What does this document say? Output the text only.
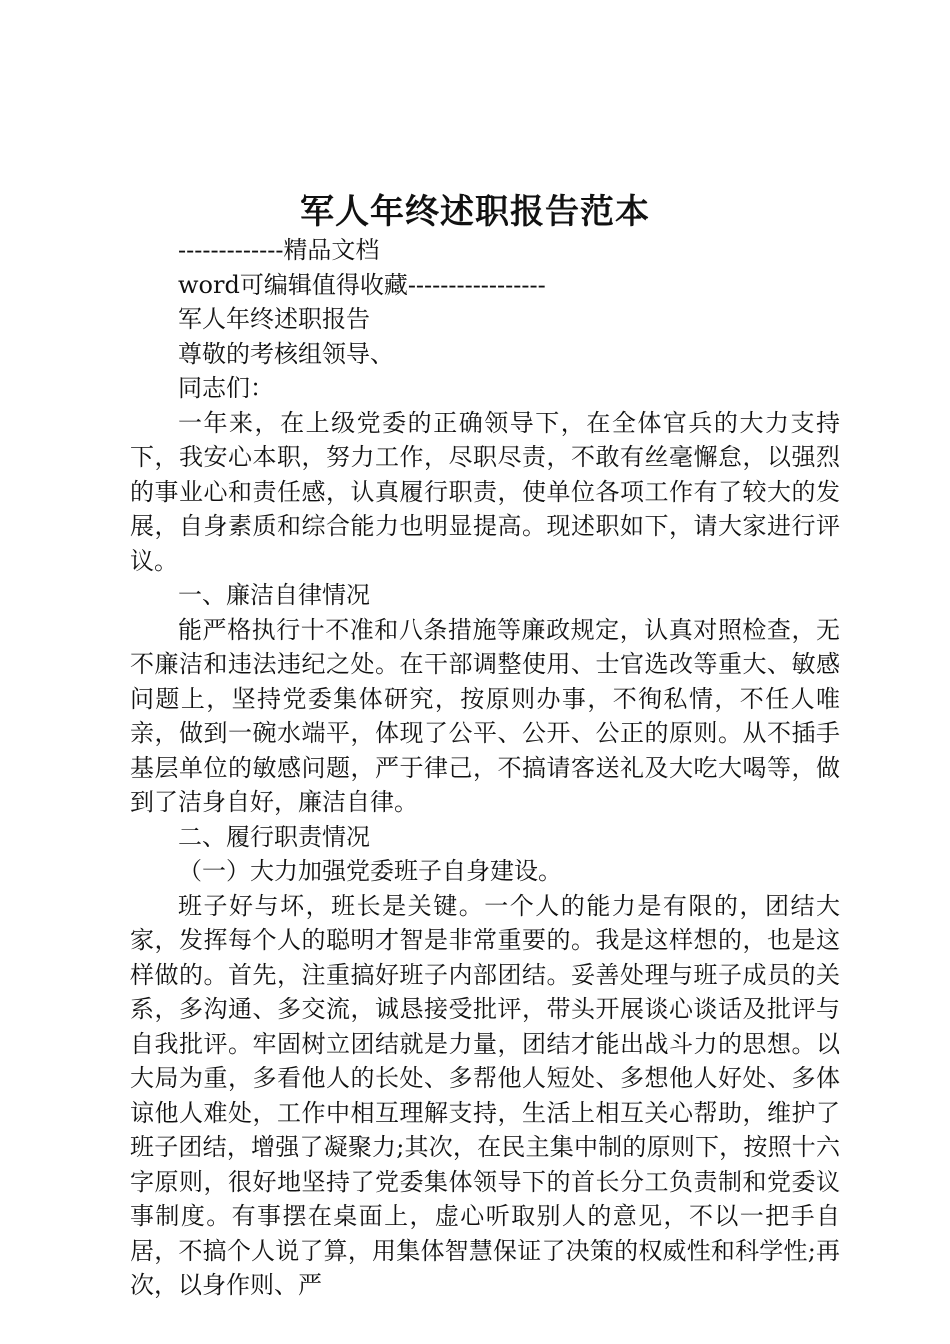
军人年终述职报告范本

-------------精品文档

word可编辑值得收藏-----------------

军人年终述职报告

尊敬的考核组领导、

同志们：

一年来，在上级党委的正确领导下，在全体官兵的大力支持下，我安心本职，努力工作，尽职尽责，不敢有丝毫懈怠，以强烈的事业心和责任感，认真履行职责，使单位各项工作有了较大的发展，自身素质和综合能力也明显提高。现述职如下，请大家进行评议。

一、廉洁自律情况

能严格执行十不准和八条措施等廉政规定，认真对照检查，无不廉洁和违法违纪之处。在干部调整使用、士官选改等重大、敏感问题上，坚持党委集体研究，按原则办事，不徇私情，不任人唯亲，做到一碗水端平，体现了公平、公开、公正的原则。从不插手基层单位的敏感问题，严于律己，不搞请客送礼及大吃大喝等，做到了洁身自好，廉洁自律。

二、履行职责情况

（一）大力加强党委班子自身建设。

班子好与坏，班长是关键。一个人的能力是有限的，团结大家，发挥每个人的聪明才智是非常重要的。我是这样想的，也是这样做的。首先，注重搞好班子内部团结。妥善处理与班子成员的关系，多沟通、多交流，诚恳接受批评，带头开展谈心谈话及批评与自我批评。牢固树立团结就是力量，团结才能出战斗力的思想。以大局为重，多看他人的长处、多帮他人短处、多想他人好处、多体谅他人难处，工作中相互理解支持，生活上相互关心帮助，维护了班子团结，增强了凝聚力;其次，在民主集中制的原则下，按照十六字原则，很好地坚持了党委集体领导下的首长分工负责制和党委议事制度。有事摆在桌面上，虚心听取别人的意见，不以一把手自居，不搞个人说了算，用集体智慧保证了决策的权威性和科学性;再次，以身作则、严
